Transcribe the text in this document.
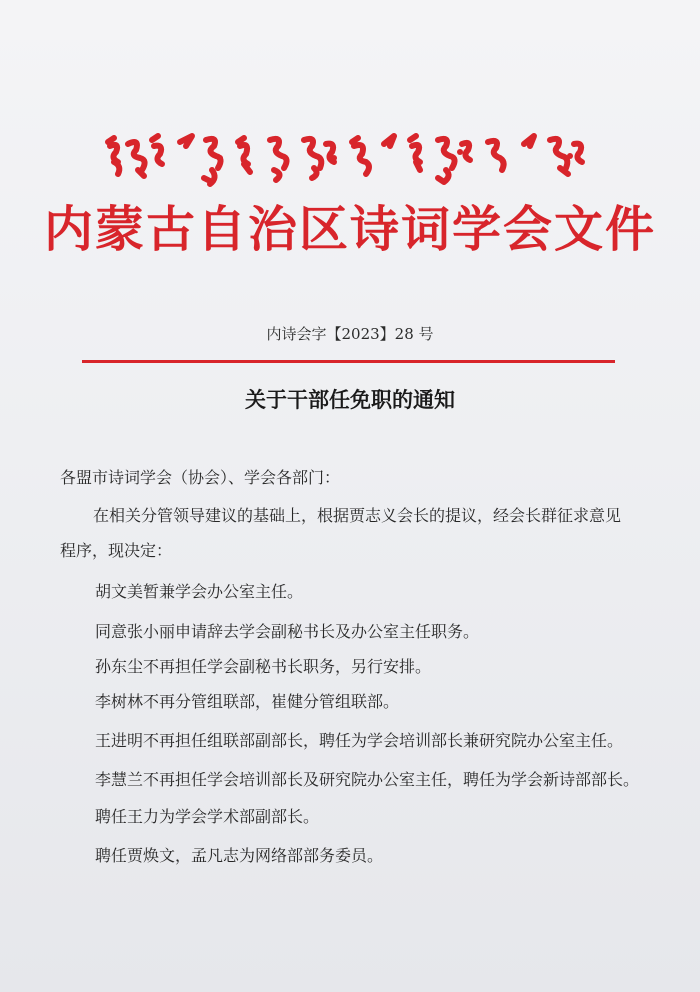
内蒙古自治区诗词学会文件
内诗会字【2023】28 号
关于干部任免职的通知
各盟市诗词学会（协会）、学会各部门：
在相关分管领导建议的基础上，根据贾志义会长的提议，经会长群征求意见
程序，现决定：
胡文美暂兼学会办公室主任。
同意张小丽申请辞去学会副秘书长及办公室主任职务。
孙东尘不再担任学会副秘书长职务，另行安排。
李树林不再分管组联部，崔健分管组联部。
王进明不再担任组联部副部长，聘任为学会培训部长兼研究院办公室主任。
李慧兰不再担任学会培训部长及研究院办公室主任，聘任为学会新诗部部长。
聘任王力为学会学术部副部长。
聘任贾焕文，孟凡志为网络部部务委员。
